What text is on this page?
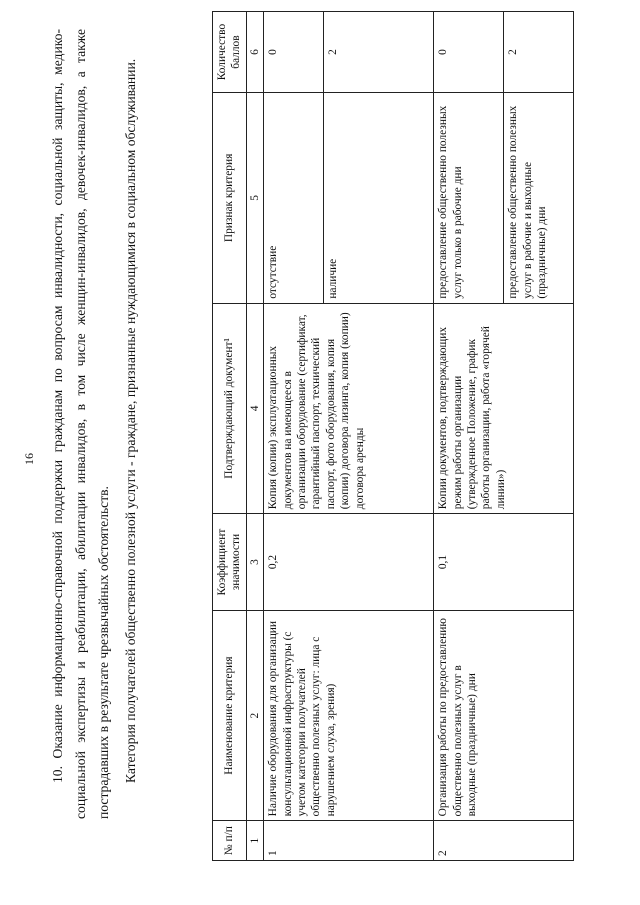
16 10. Оказание информационно-справочной поддержки гражданам по вопросам инвалидности, социальной защиты, медико-социальной экспертизы и реабилитации, абилитации инвалидов, в том числе женщин-инвалидов, девочек-инвалидов, а также пострадавших в результате чрезвычайных обстоятельств. Категория получателей общественно полезной услуги - граждане, признанные нуждающимися в социальном обслуживании.

№ п/п	Наименование критерия	Коэффициент значимости	Подтверждающий документ¹	Признак критерия	Количество баллов
1	2	3	4	5	6
1	Наличие оборудования для организации консультационной инфраструктуры (с учетом категории получателей общественно полезных услуг: лица с нарушением слуха, зрения)	0,2	Копия (копии) эксплуатационных документов на имеющееся в организации оборудование (сертификат, гарантийный паспорт, технический паспорт, фото оборудования, копия (копии) договора лизинга, копия (копии) договора аренды	отсутствие	0
				наличие	2
2	Организация работы по предоставлению общественно полезных услуг в выходные (праздничные) дни	0,1	Копии документов, подтверждающих режим работы организации (утвержденное Положение, график работы организации, работа «горячей линии»)	предоставление общественно полезных услуг только в рабочие дни	0
				предоставление общественно полезных услуг в рабочие и выходные (праздничные) дни	2
